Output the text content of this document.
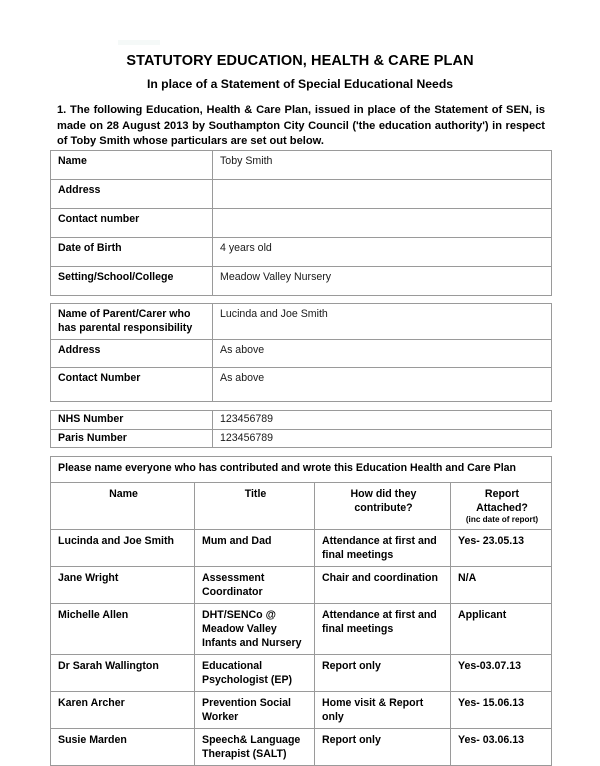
STATUTORY EDUCATION, HEALTH & CARE PLAN
In place of a Statement of Special Educational Needs

1. The following Education, Health & Care Plan, issued in place of the Statement of SEN, is made on 28 August 2013 by Southampton City Council ('the education authority') in respect of Toby Smith whose particulars are set out below.

Name	Toby Smith
Address	
Contact number	
Date of Birth	4 years old
Setting/School/College	Meadow Valley Nursery
Name of Parent/Carer who has parental responsibility	Lucinda and Joe Smith
Address	As above
Contact Number	As above
NHS Number	123456789
Paris Number	123456789
Please name everyone who has contributed and wrote this Education Health and Care Plan			
Name	Title	How did they contribute?	Report Attached?
(inc date of report)

Lucinda and Joe Smith	Mum and Dad	Attendance at first and final meetings	Yes- 23.05.13
Jane Wright	Assessment Coordinator	Chair and coordination	N/A
Michelle Allen	DHT/SENCo @ Meadow Valley Infants and Nursery	Attendance at first and final meetings	Applicant
Dr Sarah Wallington	Educational Psychologist (EP)	Report only	Yes-03.07.13
Karen Archer	Prevention Social Worker	Home visit & Report only	Yes- 15.06.13
Susie Marden	Speech& Language Therapist (SALT)	Report only	Yes- 03.06.13
